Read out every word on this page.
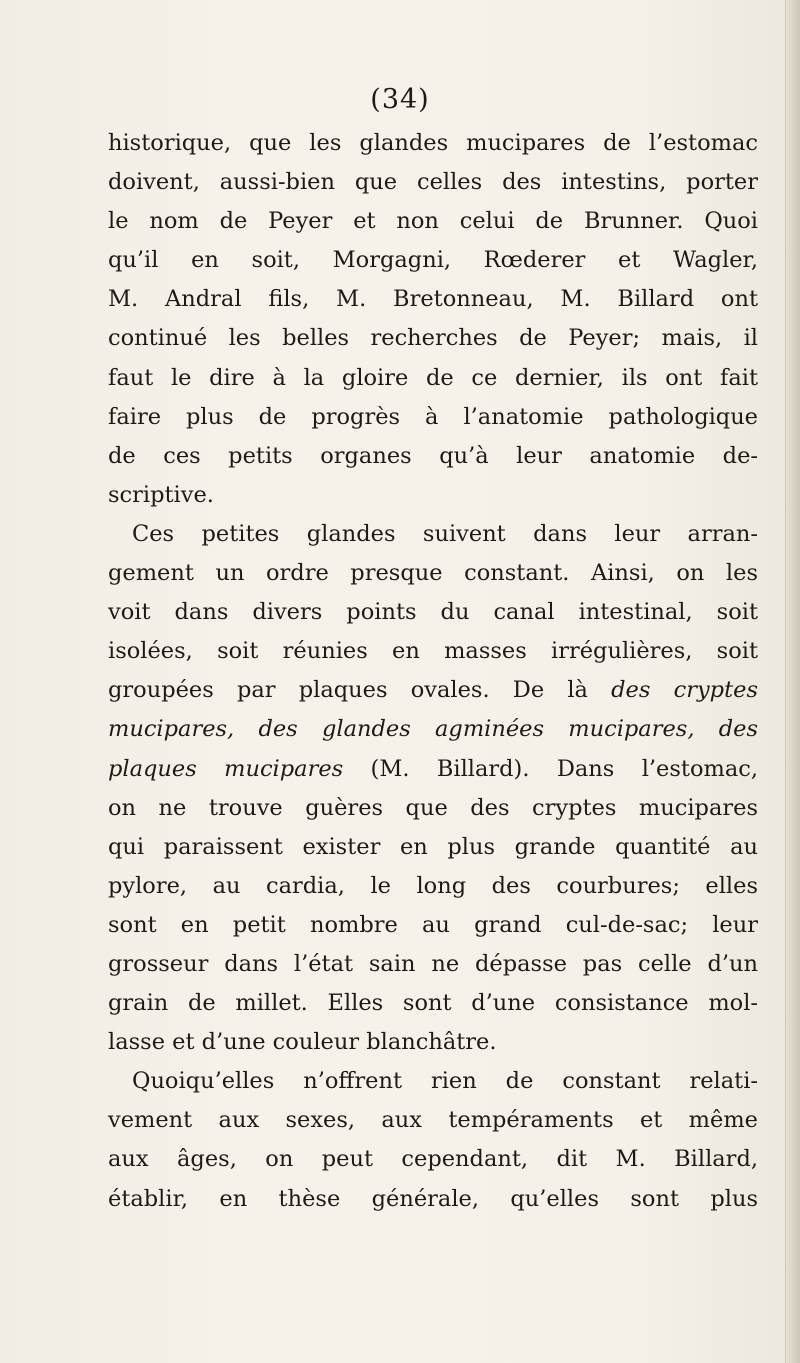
(34)
historique, que les glandes mucipares de l’estomac
doivent, aussi-bien que celles des intestins, porter
le nom de Peyer et non celui de Brunner. Quoi
qu’il en soit, Morgagni, Rœderer et Wagler,
M. Andral fils, M. Bretonneau, M. Billard ont
continué les belles recherches de Peyer; mais, il
faut le dire à la gloire de ce dernier, ils ont fait
faire plus de progrès à l’anatomie pathologique
de ces petits organes qu’à leur anatomie de-
scriptive.
Ces petites glandes suivent dans leur arran-
gement un ordre presque constant. Ainsi, on les
voit dans divers points du canal intestinal, soit
isolées, soit réunies en masses irrégulières, soit
groupées par plaques ovales. De là des cryptes
mucipares, des glandes agminées mucipares, des
plaques mucipares (M. Billard). Dans l’estomac,
on ne trouve guères que des cryptes mucipares
qui paraissent exister en plus grande quantité au
pylore, au cardia, le long des courbures; elles
sont en petit nombre au grand cul-de-sac; leur
grosseur dans l’état sain ne dépasse pas celle d’un
grain de millet. Elles sont d’une consistance mol-
lasse et d’une couleur blanchâtre.
Quoiqu’elles n’offrent rien de constant relati-
vement aux sexes, aux tempéraments et même
aux âges, on peut cependant, dit M. Billard,
établir, en thèse générale, qu’elles sont plus
